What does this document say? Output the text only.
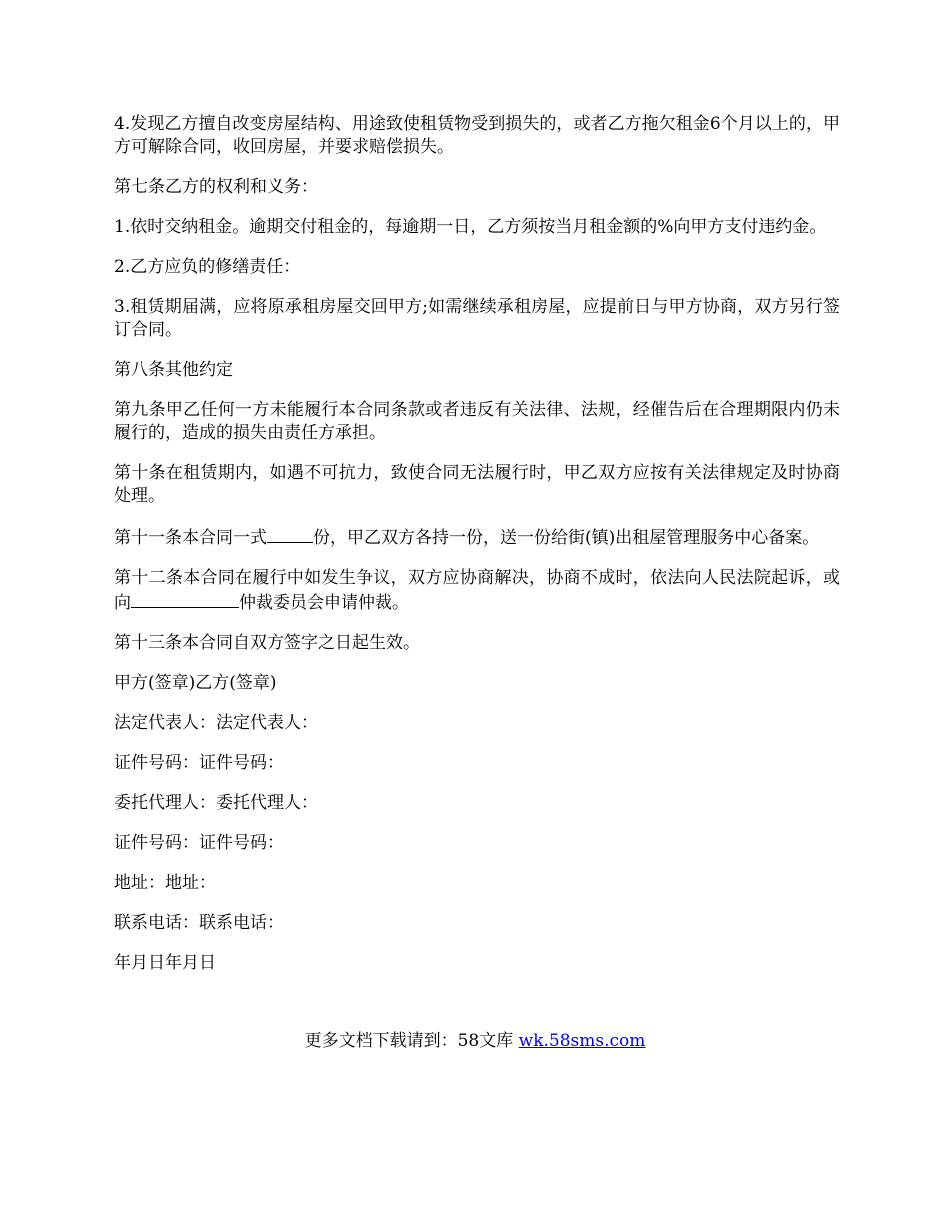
4.发现乙方擅自改变房屋结构、用途致使租赁物受到损失的，或者乙方拖欠租金6个月以上的，甲方可解除合同，收回房屋，并要求赔偿损失。

第七条乙方的权利和义务：

1.依时交纳租金。逾期交付租金的，每逾期一日，乙方须按当月租金额的%向甲方支付违约金。

2.乙方应负的修缮责任：

3.租赁期届满，应将原承租房屋交回甲方;如需继续承租房屋，应提前日与甲方协商，双方另行签订合同。

第八条其他约定

第九条甲乙任何一方未能履行本合同条款或者违反有关法律、法规，经催告后在合理期限内仍未履行的，造成的损失由责任方承担。

第十条在租赁期内，如遇不可抗力，致使合同无法履行时，甲乙双方应按有关法律规定及时协商处理。

第十一条本合同一式	份，甲乙双方各持一份，送一份给街(镇)出租屋管理服务中心备案。

第十二条本合同在履行中如发生争议，双方应协商解决，协商不成时，依法向人民法院起诉，或向	仲裁委员会申请仲裁。

第十三条本合同自双方签字之日起生效。

甲方(签章)乙方(签章)

法定代表人：法定代表人：

证件号码：证件号码：

委托代理人：委托代理人：

证件号码：证件号码：

地址：地址：

联系电话：联系电话：

年月日年月日

更多文档下载请到：58文库 wk.58sms.com
